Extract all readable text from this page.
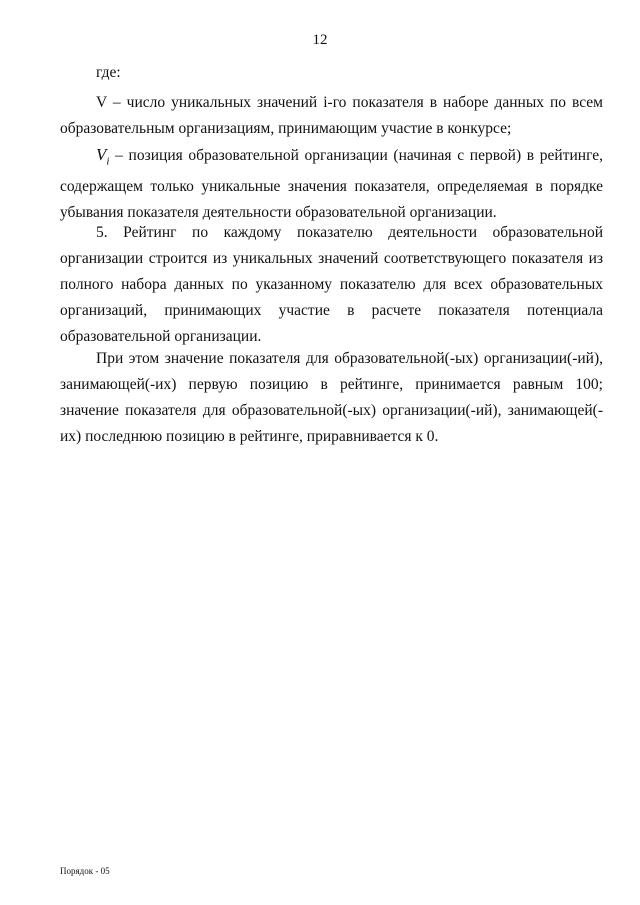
12

где:

V – число уникальных значений i-го показателя в наборе данных по всем образовательным организациям, принимающим участие в конкурсе;

$V_i$ – позиция образовательной организации (начиная с первой) в рейтинге, содержащем только уникальные значения показателя, определяемая в порядке убывания показателя деятельности образовательной организации.

5. Рейтинг по каждому показателю деятельности образовательной организации строится из уникальных значений соответствующего показателя из полного набора данных по указанному показателю для всех образовательных организаций, принимающих участие в расчете показателя потенциала образовательной организации.

При этом значение показателя для образовательной(-ых) организации(-ий), занимающей(-их) первую позицию в рейтинге, принимается равным 100; значение показателя для образовательной(-ых) организации(-ий), занимающей(-их) последнюю позицию в рейтинге, приравнивается к 0.

Порядок - 05
